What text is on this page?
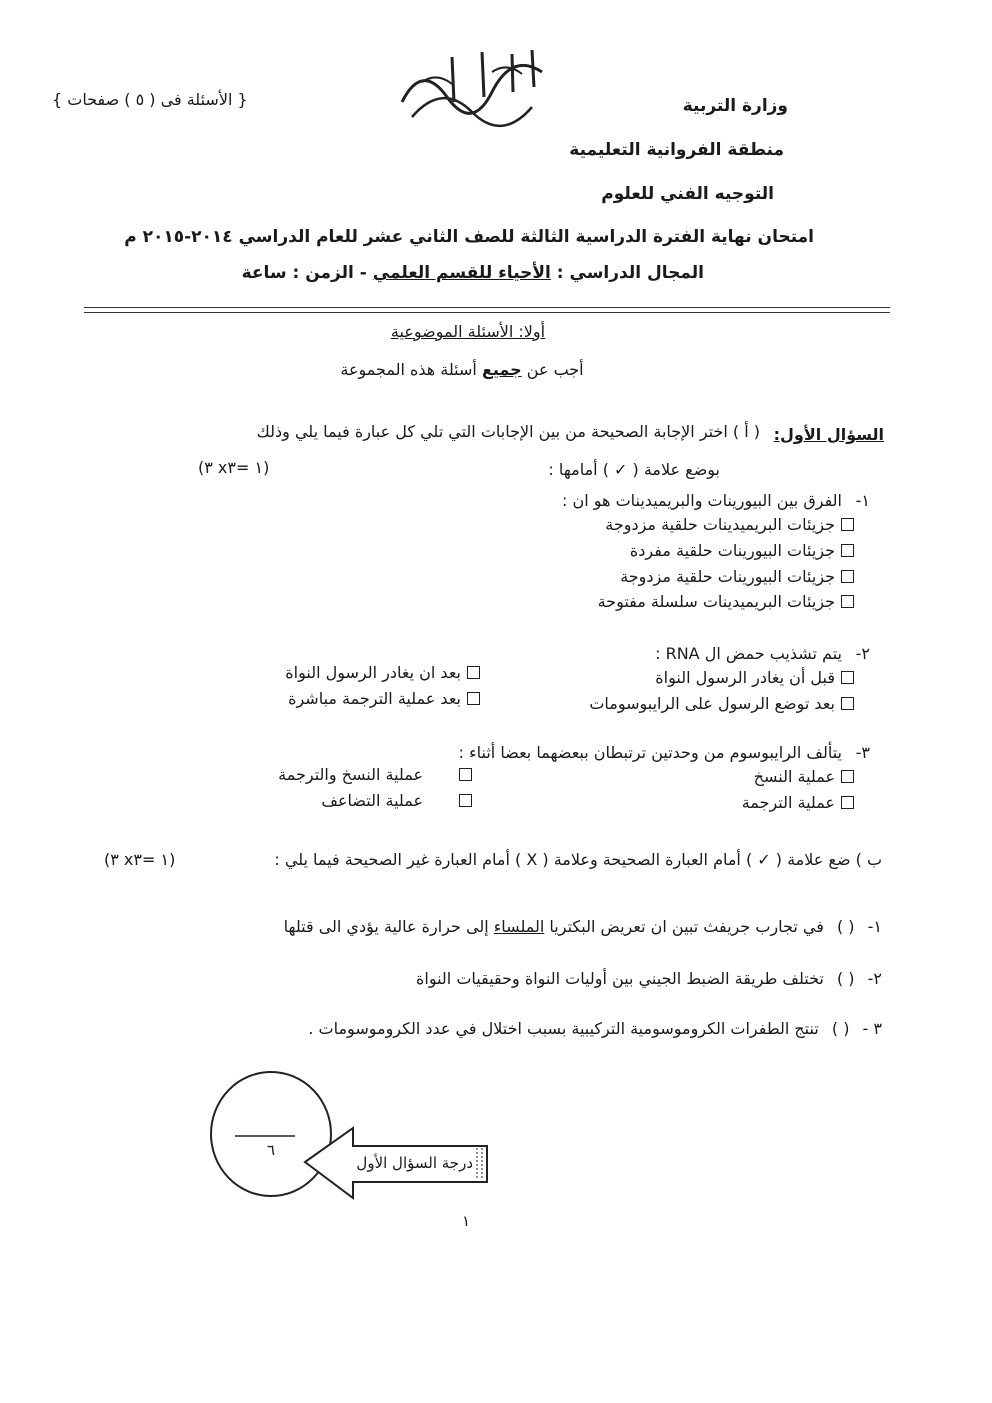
{ الأسئلة فى ( ٥ ) صفحات }	وزارة التربية
منطقة الفروانية التعليمية
التوجيه الفني للعلوم
امتحان نهاية الفترة الدراسية الثالثة للصف الثاني عشر للعام الدراسي ٢٠١٤-٢٠١٥ م
المجال الدراسي : الأحياء للقسم العلمي - الزمن : ساعة
أولا: الأسئلة الموضوعية
أجب عن جميع أسئلة هذه المجموعة
السؤال الأول:
( أ ) اختر الإجابة الصحيحة من بين الإجابات التي تلي كل عبارة فيما يلي وذلك
بوضع علامة ( ✓ ) أمامها :
(٣ x١ =٣)
١-
الفرق بين البيورينات والبريميدينات هو ان :
جزيئات البريميدينات حلقية مزدوجة
جزيئات البيورينات حلقية مفردة
جزيئات البيورينات حلقية مزدوجة
جزيئات البريميدينات سلسلة مفتوحة
٢-
يتم تشذيب حمض ال RNA :
قبل أن يغادر الرسول النواة
بعد ان يغادر الرسول النواة
بعد توضع الرسول على الرايبوسومات
بعد عملية الترجمة مباشرة
٣-
يتألف الرايبوسوم من وحدتين ترتبطان ببعضهما بعضا أثناء :
عملية النسخ
عملية النسخ والترجمة
عملية الترجمة
عملية التضاعف
ب ) ضع علامة ( ✓ ) أمام العبارة الصحيحة وعلامة ( X ) أمام العبارة غير الصحيحة فيما يلي :
(٣ x١ =٣)
١- ( ) في تجارب جريفث تبين ان تعريض البكتريا الملساء إلى حرارة عالية يؤدي الى قتلها
٢- ( ) تختلف طريقة الضبط الجيني بين أوليات النواة وحقيقيات النواة
٣ - ( ) تنتج الطفرات الكروموسومية التركيبية بسبب اختلال في عدد الكروموسومات .
٦
درجة السؤال الأول
١
